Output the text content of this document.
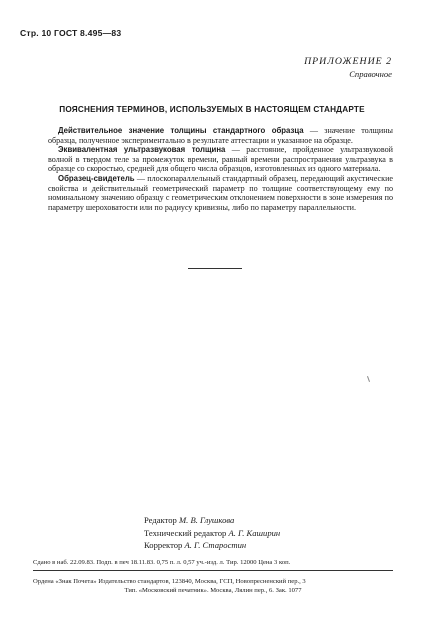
Стр. 10 ГОСТ 8.495—83
ПРИЛОЖЕНИЕ 2
Справочное
ПОЯСНЕНИЯ ТЕРМИНОВ, ИСПОЛЬЗУЕМЫХ В НАСТОЯЩЕМ СТАНДАРТЕ

Действительное значение толщины стандартного образца — значение толщины образца, полученное экспериментально в результате аттестации и указанное на образце.

Эквивалентная ультразвуковая толщина — расстояние, пройденное ультразвуковой волной в твердом теле за промежуток времени, равный времени распространения ультразвука в образце со скоростью, средней для общего числа образцов, изготовленных из одного материала.

Образец-свидетель — плоскопараллельный стандартный образец, передающий акустические свойства и действительный геометрический параметр по толщине соответствующему ему по номинальному значению образцу с геометрическим отклонением поверхности в зоне измерения по параметру шероховатости или по радиусу кривизны, либо по параметру параллельности.

Редактор М. В. Глушкова
Технический редактор А. Г. Каширин
Корректор А. Г. Старостин
Сдано в наб. 22.09.83. Подп. в печ 18.11.83. 0,75 п. л. 0,57 уч.-изд. л. Тир. 12000 Цена 3 коп.
Ордена «Знак Почета» Издательство стандартов, 123840, Москва, ГСП, Новопресненский пер., 3
Тип. «Московский печатник». Москва, Лялин пер., 6. Зак. 1077
